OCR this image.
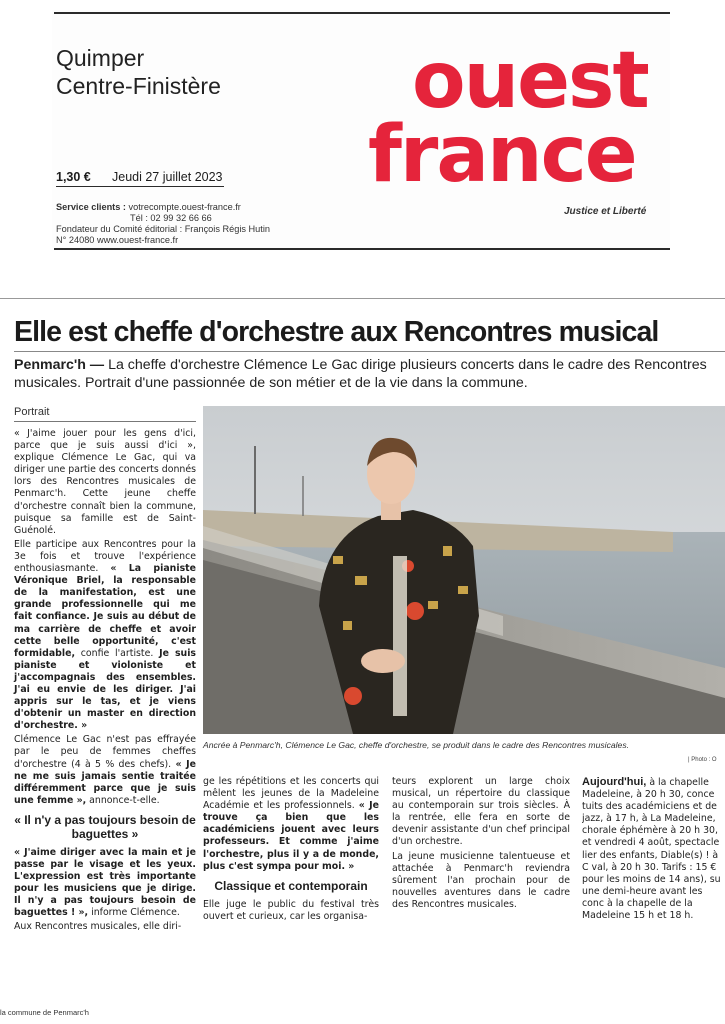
Quimper
Centre-Finistère ouest
france
Justice et Liberté
1,30 € Jeudi 27 juillet 2023
Service clients : votrecompte.ouest-france.fr
Tél : 02 99 32 66 66
Fondateur du Comité éditorial : François Régis Hutin
N° 24080 www.ouest-france.fr
Elle est cheffe d'orchestre aux Rencontres musical
Penmarc'h — La cheffe d'orchestre Clémence Le Gac dirige plusieurs concerts dans le cadre des Rencontres musicales. Portrait d'une passionnée de son métier et de la vie dans la commune.
Portrait

« J'aime jouer pour les gens d'ici, parce que je suis aussi d'ici », explique Clémence Le Gac, qui va diriger une partie des concerts donnés lors des Rencontres musicales de Penmarc'h. Cette jeune cheffe d'orchestre connaît bien la commune, puisque sa famille est de Saint-Guénolé.

Elle participe aux Rencontres pour la 3e fois et trouve l'expérience enthousiasmante. « La pianiste Véronique Briel, la responsable de la manifestation, est une grande professionnelle qui me fait confiance. Je suis au début de ma carrière de cheffe et avoir cette belle opportunité, c'est formidable, confie l'artiste. Je suis pianiste et violoniste et j'accompagnais des ensembles. J'ai eu envie de les diriger. J'ai appris sur le tas, et je viens d'obtenir un master en direction d'orchestre. »

Clémence Le Gac n'est pas effrayée par le peu de femmes cheffes d'orchestre (4 à 5 % des chefs). « Je ne me suis jamais sentie traitée différemment parce que je suis une femme », annonce-t-elle.

« Il n'y a pas toujours besoin de baguettes »

« J'aime diriger avec la main et je passe par le visage et les yeux. L'expression est très importante pour les musiciens que je dirige. Il n'y a pas toujours besoin de baguettes ! », informe Clémence.

Aux Rencontres musicales, elle diri-

Ancrée à Penmarc'h, Clémence Le Gac, cheffe d'orchestre, se produit dans le cadre des Rencontres musicales.
| Photo : O

ge les répétitions et les concerts qui mêlent les jeunes de la Madeleine Académie et les professionnels. « Je trouve ça bien que les académiciens jouent avec leurs professeurs. Et comme j'aime l'orchestre, plus il y a de monde, plus c'est sympa pour moi. »

Classique et contemporain

Elle juge le public du festival très ouvert et curieux, car les organisa-

teurs explorent un large choix musical, un répertoire du classique au contemporain sur trois siècles. À la rentrée, elle fera en sorte de devenir assistante d'un chef principal d'un orchestre.

La jeune musicienne talentueuse et attachée à Penmarc'h reviendra sûrement l'an prochain pour de nouvelles aventures dans le cadre des Rencontres musicales.

Aujourd'hui, à la chapelle Madeleine, à 20 h 30, conce tuits des académiciens et de jazz, à 17 h, à La Madeleine, chorale éphémère à 20 h 30, et vendredi 4 août, spectacle lier des enfants, Diable(s) ! à C val, à 20 h 30. Tarifs : 15 € pour les moins de 14 ans), su une demi-heure avant les conc à la chapelle de la Madeleine 15 h et 18 h.

la commune de Penmarc'h
